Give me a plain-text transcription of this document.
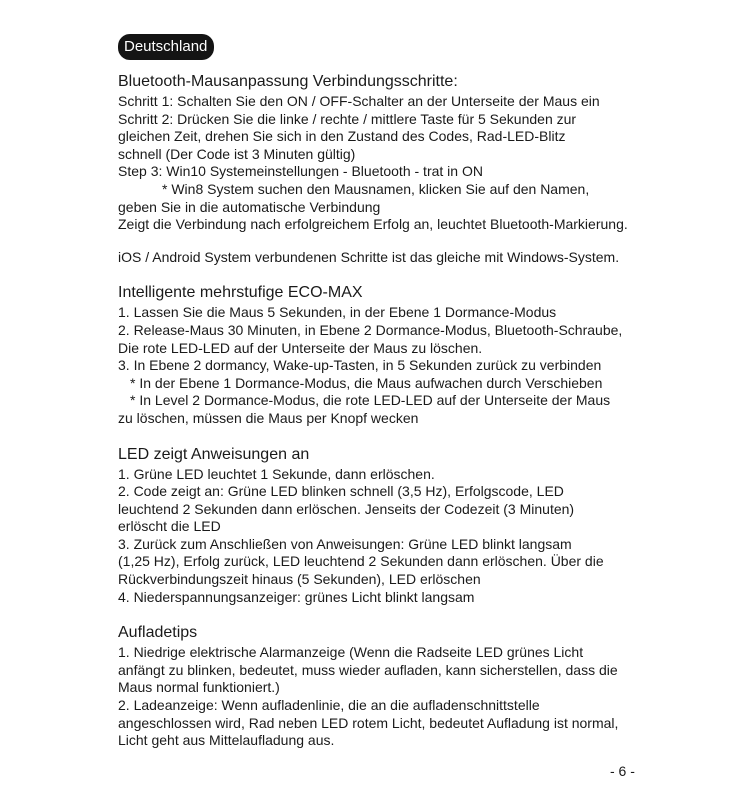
Deutschland
Bluetooth-Mausanpassung Verbindungsschritte:
Schritt 1: Schalten Sie den ON / OFF-Schalter an der Unterseite der Maus ein
Schritt 2: Drücken Sie die linke / rechte / mittlere Taste für 5 Sekunden zur
gleichen Zeit, drehen Sie sich in den Zustand des Codes, Rad-LED-Blitz
schnell (Der Code ist 3 Minuten gültig)
Step 3: Win10 Systemeinstellungen - Bluetooth - trat in ON
* Win8 System suchen den Mausnamen, klicken Sie auf den Namen,
geben Sie in die automatische Verbindung
Zeigt die Verbindung nach erfolgreichem Erfolg an, leuchtet Bluetooth-Markierung.
iOS / Android System verbundenen Schritte ist das gleiche mit Windows-System.
Intelligente mehrstufige ECO-MAX
1. Lassen Sie die Maus 5 Sekunden, in der Ebene 1 Dormance-Modus
2. Release-Maus 30 Minuten, in Ebene 2 Dormance-Modus, Bluetooth-Schraube,
Die rote LED-LED auf der Unterseite der Maus zu löschen.
3. In Ebene 2 dormancy, Wake-up-Tasten, in 5 Sekunden zurück zu verbinden
* In der Ebene 1 Dormance-Modus, die Maus aufwachen durch Verschieben
* In Level 2 Dormance-Modus, die rote LED-LED auf der Unterseite der Maus
zu löschen, müssen die Maus per Knopf wecken
LED zeigt Anweisungen an
1. Grüne LED leuchtet 1 Sekunde, dann erlöschen.
2. Code zeigt an: Grüne LED blinken schnell (3,5 Hz), Erfolgscode, LED
leuchtend 2 Sekunden dann erlöschen. Jenseits der Codezeit (3 Minuten)
erlöscht die LED
3. Zurück zum Anschließen von Anweisungen: Grüne LED blinkt langsam
(1,25 Hz), Erfolg zurück, LED leuchtend 2 Sekunden dann erlöschen. Über die
Rückverbindungszeit hinaus (5 Sekunden), LED erlöschen
4. Niederspannungsanzeiger: grünes Licht blinkt langsam
Aufladetips
1. Niedrige elektrische Alarmanzeige (Wenn die Radseite LED grünes Licht
anfängt zu blinken, bedeutet, muss wieder aufladen, kann sicherstellen, dass die
Maus normal funktioniert.)
2. Ladeanzeige: Wenn aufladenlinie, die an die aufladenschnittstelle
angeschlossen wird, Rad neben LED rotem Licht, bedeutet Aufladung ist normal,
Licht geht aus Mittelaufladung aus.
- 6 -
